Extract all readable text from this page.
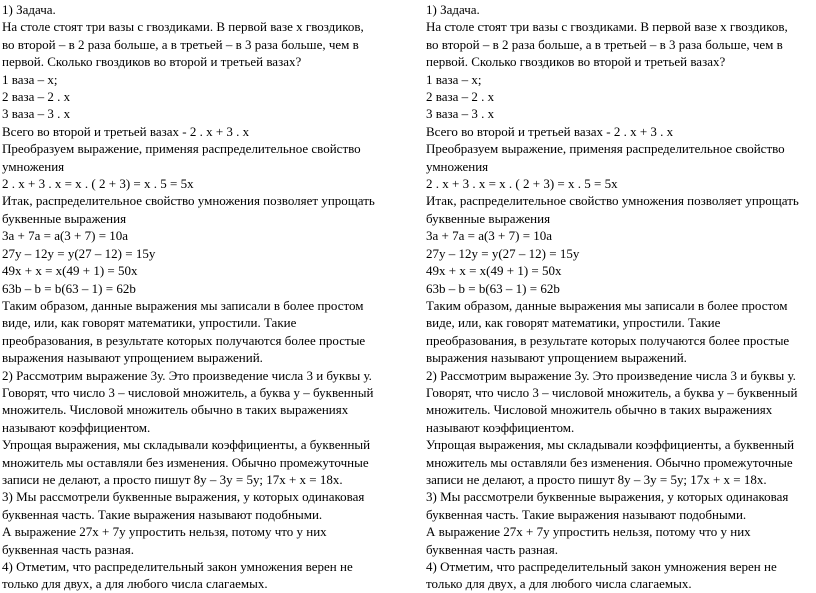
1) Задача.
На столе стоят три вазы с гвоздиками. В первой вазе х гвоздиков,
во второй – в 2 раза больше, а в третьей – в 3 раза больше, чем в
первой. Сколько гвоздиков во второй и третьей вазах?
1 ваза – х;
2 ваза – 2 . х
3 ваза – 3 . х
Всего во второй и третьей вазах - 2 . х + 3 . х
Преобразуем выражение, применяя распределительное свойство
умножения
2 . х + 3 . х = х . ( 2 + 3) = х . 5 = 5х
Итак, распределительное свойство умножения позволяет упрощать
буквенные выражения
3а + 7а = а(3 + 7) = 10а
27у – 12у = у(27 – 12) = 15у
49х + х = х(49 + 1) = 50х
63b – b = b(63 – 1) = 62b
Таким образом, данные выражения мы записали в более простом
виде, или, как говорят математики, упростили. Такие
преобразования, в результате которых получаются более простые
выражения называют упрощением выражений.
2) Рассмотрим выражение 3у. Это произведение числа 3 и буквы у.
Говорят, что число 3 – числовой множитель, а буква у – буквенный
множитель. Числовой множитель обычно в таких выражениях
называют коэффициентом.
Упрощая выражения, мы складывали коэффициенты, а буквенный
множитель мы оставляли без изменения. Обычно промежуточные
записи не делают, а просто пишут 8у – 3у = 5у; 17х + х = 18х.
3) Мы рассмотрели буквенные выражения, у которых одинаковая
буквенная часть. Такие выражения называют подобными.
А выражение 27х + 7у упростить нельзя, потому что у них
буквенная часть разная.
4) Отметим, что распределительный закон умножения верен не
только для двух, а для любого числа слагаемых.
1) Задача.
На столе стоят три вазы с гвоздиками. В первой вазе х гвоздиков,
во второй – в 2 раза больше, а в третьей – в 3 раза больше, чем в
первой. Сколько гвоздиков во второй и третьей вазах?
1 ваза – х;
2 ваза – 2 . х
3 ваза – 3 . х
Всего во второй и третьей вазах - 2 . х + 3 . х
Преобразуем выражение, применяя распределительное свойство
умножения
2 . х + 3 . х = х . ( 2 + 3) = х . 5 = 5х
Итак, распределительное свойство умножения позволяет упрощать
буквенные выражения
3а + 7а = а(3 + 7) = 10а
27у – 12у = у(27 – 12) = 15у
49х + х = х(49 + 1) = 50х
63b – b = b(63 – 1) = 62b
Таким образом, данные выражения мы записали в более простом
виде, или, как говорят математики, упростили. Такие
преобразования, в результате которых получаются более простые
выражения называют упрощением выражений.
2) Рассмотрим выражение 3у. Это произведение числа 3 и буквы у.
Говорят, что число 3 – числовой множитель, а буква у – буквенный
множитель. Числовой множитель обычно в таких выражениях
называют коэффициентом.
Упрощая выражения, мы складывали коэффициенты, а буквенный
множитель мы оставляли без изменения. Обычно промежуточные
записи не делают, а просто пишут 8у – 3у = 5у; 17х + х = 18х.
3) Мы рассмотрели буквенные выражения, у которых одинаковая
буквенная часть. Такие выражения называют подобными.
А выражение 27х + 7у упростить нельзя, потому что у них
буквенная часть разная.
4) Отметим, что распределительный закон умножения верен не
только для двух, а для любого числа слагаемых.
